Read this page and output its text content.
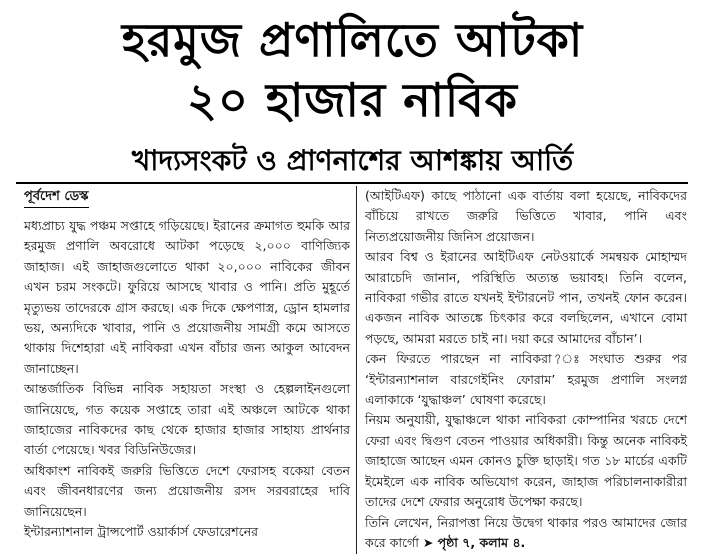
হরমুজ প্রণালিতে আটকা
২০ হাজার নাবিক
খাদ্যসংকট ও প্রাণনাশের আশঙ্কায় আর্তি
পূর্বদেশ ডেস্ক

মধ্যপ্রাচ্য যুদ্ধ পঞ্চম সপ্তাহে গড়িয়েছে। ইরানের ক্রমাগত হুমকি আর হরমুজ প্রণালি অবরোধে আটকা পড়েছে ২,০০০ বাণিজ্যিক জাহাজ। এই জাহাজগুলোতে থাকা ২০,০০০ নাবিকের জীবন এখন চরম সংকটে। ফুরিয়ে আসছে খাবার ও পানি। প্রতি মুহূর্তে মৃত্যুভয় তাদেরকে গ্রাস করছে। এক দিকে ক্ষেপণাস্ত্র, ড্রোন হামলার ভয়, অন্যদিকে খাবার, পানি ও প্রয়োজনীয় সামগ্রী কমে আসতে থাকায় দিশেহারা এই নাবিকরা এখন বাঁচার জন্য আকুল আবেদন জানাচ্ছেন।

আন্তর্জাতিক বিভিন্ন নাবিক সহায়তা সংস্থা ও হেল্পলাইনগুলো জানিয়েছে, গত কয়েক সপ্তাহে তারা এই অঞ্চলে আটকে থাকা জাহাজের নাবিকদের কাছ থেকে হাজার হাজার সাহায্য প্রার্থনার বার্তা পেয়েছে। খবর বিডিনিউজের।

অধিকাংশ নাবিকই জরুরি ভিত্তিতে দেশে ফেরাসহ বকেয়া বেতন এবং জীবনধারণের জন্য প্রয়োজনীয় রসদ সরবরাহের দাবি জানিয়েছেন।

ইন্টারন্যাশনাল ট্রান্সপোর্ট ওয়ার্কার্স ফেডারেশনের

(আইটিএফ) কাছে পাঠানো এক বার্তায় বলা হয়েছে, নাবিকদের বাঁচিয়ে রাখতে জরুরি ভিত্তিতে খাবার, পানি এবং নিত্যপ্রয়োজনীয় জিনিস প্রয়োজন।

আরব বিশ্ব ও ইরানের আইটিএফ নেটওয়ার্কে সমন্বয়ক মোহাম্মদ আরাচেদি জানান, পরিস্থিতি অত্যন্ত ভয়াবহ। তিনি বলেন, নাবিকরা গভীর রাতে যখনই ইন্টারনেট পান, তখনই ফোন করেন। একজন নাবিক আতঙ্কে চিৎকার করে বলছিলেন, এখানে বোমা পড়ছে, আমরা মরতে চাই না। দয়া করে আমাদের বাঁচান’।

কেন ফিরতে পারছেন না নাবিকরা?ঃ সংঘাত শুরুর পর ‘ইন্টারন্যাশনাল বারগেইনিং ফোরাম’ হরমুজ প্রণালি সংলগ্ন এলাকাকে ‘যুদ্ধাঞ্চল’ ঘোষণা করেছে।

নিয়ম অনুযায়ী, যুদ্ধাঞ্চলে থাকা নাবিকরা কোম্পানির খরচে দেশে ফেরা এবং দ্বিগুণ বেতন পাওয়ার অধিকারী। কিন্তু অনেক নাবিকই জাহাজে আছেন এমন কোনও চুক্তি ছাড়াই। গত ১৮ মার্চের একটি ইমেইলে এক নাবিক অভিযোগ করেন, জাহাজ পরিচালনাকারীরা তাদের দেশে ফেরার অনুরোধ উপেক্ষা করছে।

তিনি লেখেন, নিরাপত্তা নিয়ে উদ্বেগ থাকার পরও আমাদের জোর করে কার্গো ➤ পৃষ্ঠা ৭, কলাম ৪.
